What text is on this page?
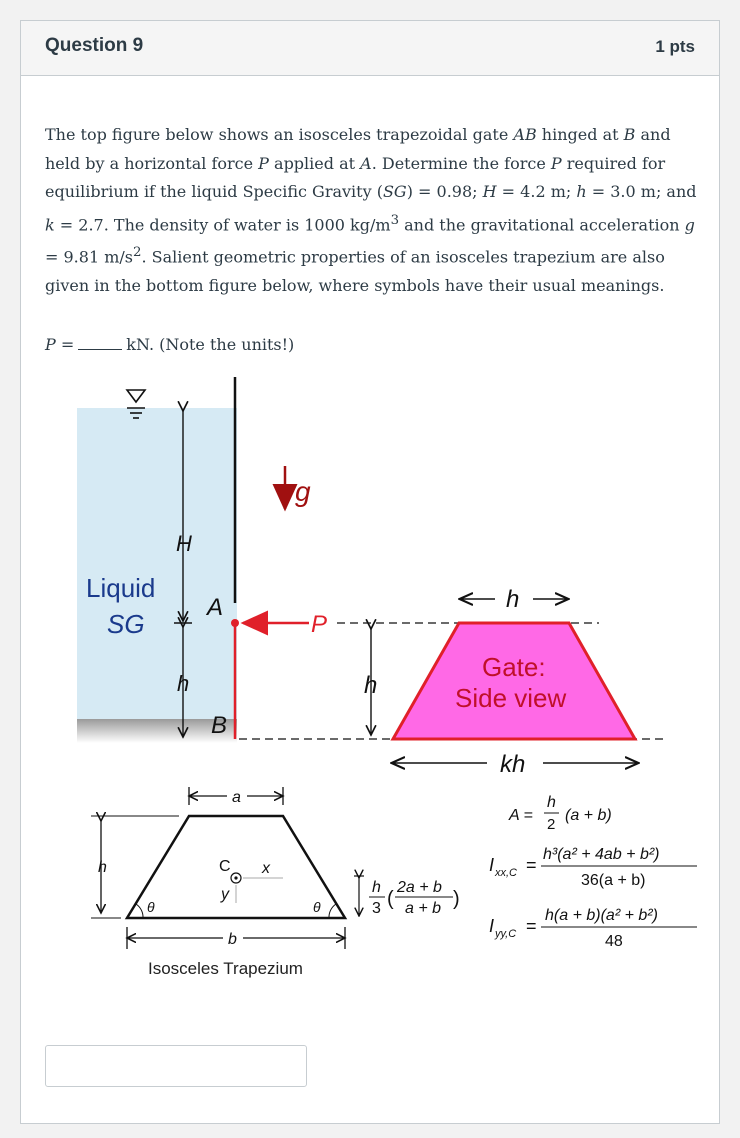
Question 9	1 pts
The top figure below shows an isosceles trapezoidal gate AB hinged at B and held by a horizontal force P applied at A. Determine the force P required for equilibrium if the liquid Specific Gravity (SG) = 0.98; H = 4.2 m; h = 3.0 m; and k = 2.7. The density of water is 1000 $kg/m^3$ and the gravitational acceleration g = 9.81 $m/s^2$. Salient geometric properties of an isosceles trapezium are also given in the bottom figure below, where symbols have their usual meanings.
P =	kN. (Note the units!)
H
h
Liquid
SG
A
B
P
g
h
Gate:
Side view
h
kh
a
b
h	C x
y
θ	θ
Isosceles Trapezium
h
3 (
2a + b
a + b )
A =
h
2
(a + b)
I xx,C =
h³(a² + 4ab + b²)
36(a + b)
I yy,C =
h(a + b)(a² + b²)
48
